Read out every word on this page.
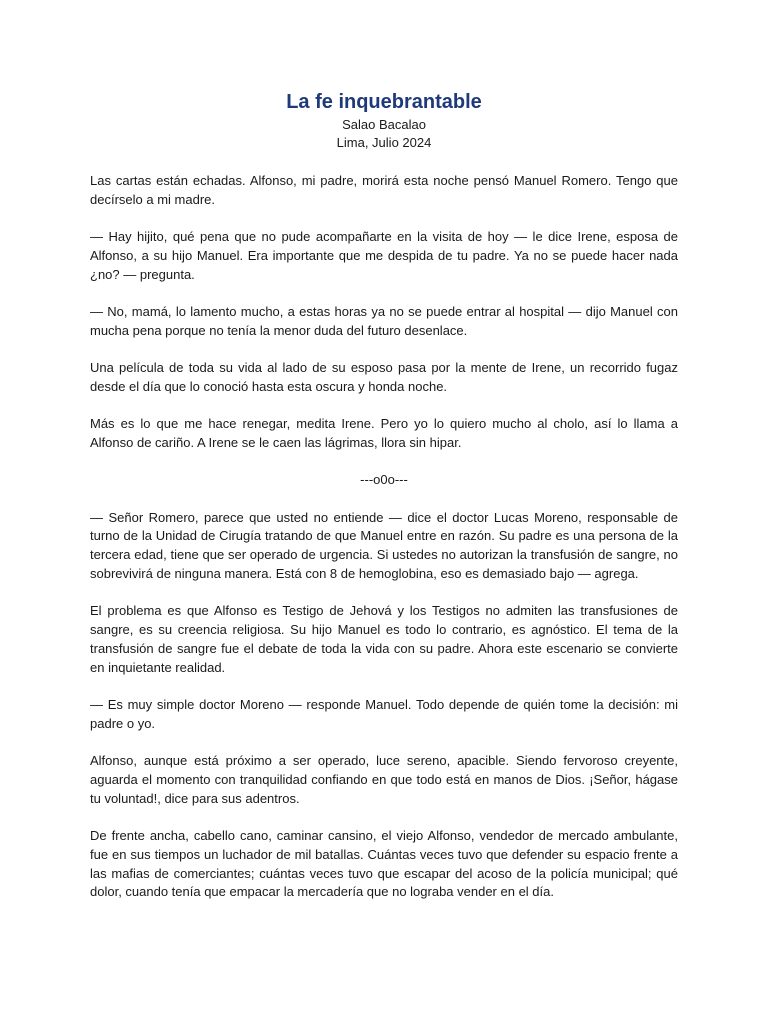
La fe inquebrantable

Salao Bacalao

Lima, Julio 2024

Las cartas están echadas. Alfonso, mi padre, morirá esta noche pensó Manuel Romero. Tengo que decírselo a mi madre.

— Hay hijito, qué pena que no pude acompañarte en la visita de hoy — le dice Irene, esposa de Alfonso, a su hijo Manuel. Era importante que me despida de tu padre. Ya no se puede hacer nada ¿no? — pregunta.

— No, mamá, lo lamento mucho, a estas horas ya no se puede entrar al hospital — dijo Manuel con mucha pena porque no tenía la menor duda del futuro desenlace.

Una película de toda su vida al lado de su esposo pasa por la mente de Irene, un recorrido fugaz desde el día que lo conoció hasta esta oscura y honda noche.

Más es lo que me hace renegar, medita Irene. Pero yo lo quiero mucho al cholo, así lo llama a Alfonso de cariño. A Irene se le caen las lágrimas, llora sin hipar.

---o0o---

— Señor Romero, parece que usted no entiende — dice el doctor Lucas Moreno, responsable de turno de la Unidad de Cirugía tratando de que Manuel entre en razón. Su padre es una persona de la tercera edad, tiene que ser operado de urgencia. Si ustedes no autorizan la transfusión de sangre, no sobrevivirá de ninguna manera. Está con 8 de hemoglobina, eso es demasiado bajo — agrega.

El problema es que Alfonso es Testigo de Jehová y los Testigos no admiten las transfusiones de sangre, es su creencia religiosa. Su hijo Manuel es todo lo contrario, es agnóstico. El tema de la transfusión de sangre fue el debate de toda la vida con su padre. Ahora este escenario se convierte en inquietante realidad.

— Es muy simple doctor Moreno — responde Manuel. Todo depende de quién tome la decisión: mi padre o yo.

Alfonso, aunque está próximo a ser operado, luce sereno, apacible. Siendo fervoroso creyente, aguarda el momento con tranquilidad confiando en que todo está en manos de Dios. ¡Señor, hágase tu voluntad!, dice para sus adentros.

De frente ancha, cabello cano, caminar cansino, el viejo Alfonso, vendedor de mercado ambulante, fue en sus tiempos un luchador de mil batallas. Cuántas veces tuvo que defender su espacio frente a las mafias de comerciantes; cuántas veces tuvo que escapar del acoso de la policía municipal; qué dolor, cuando tenía que empacar la mercadería que no lograba vender en el día.
